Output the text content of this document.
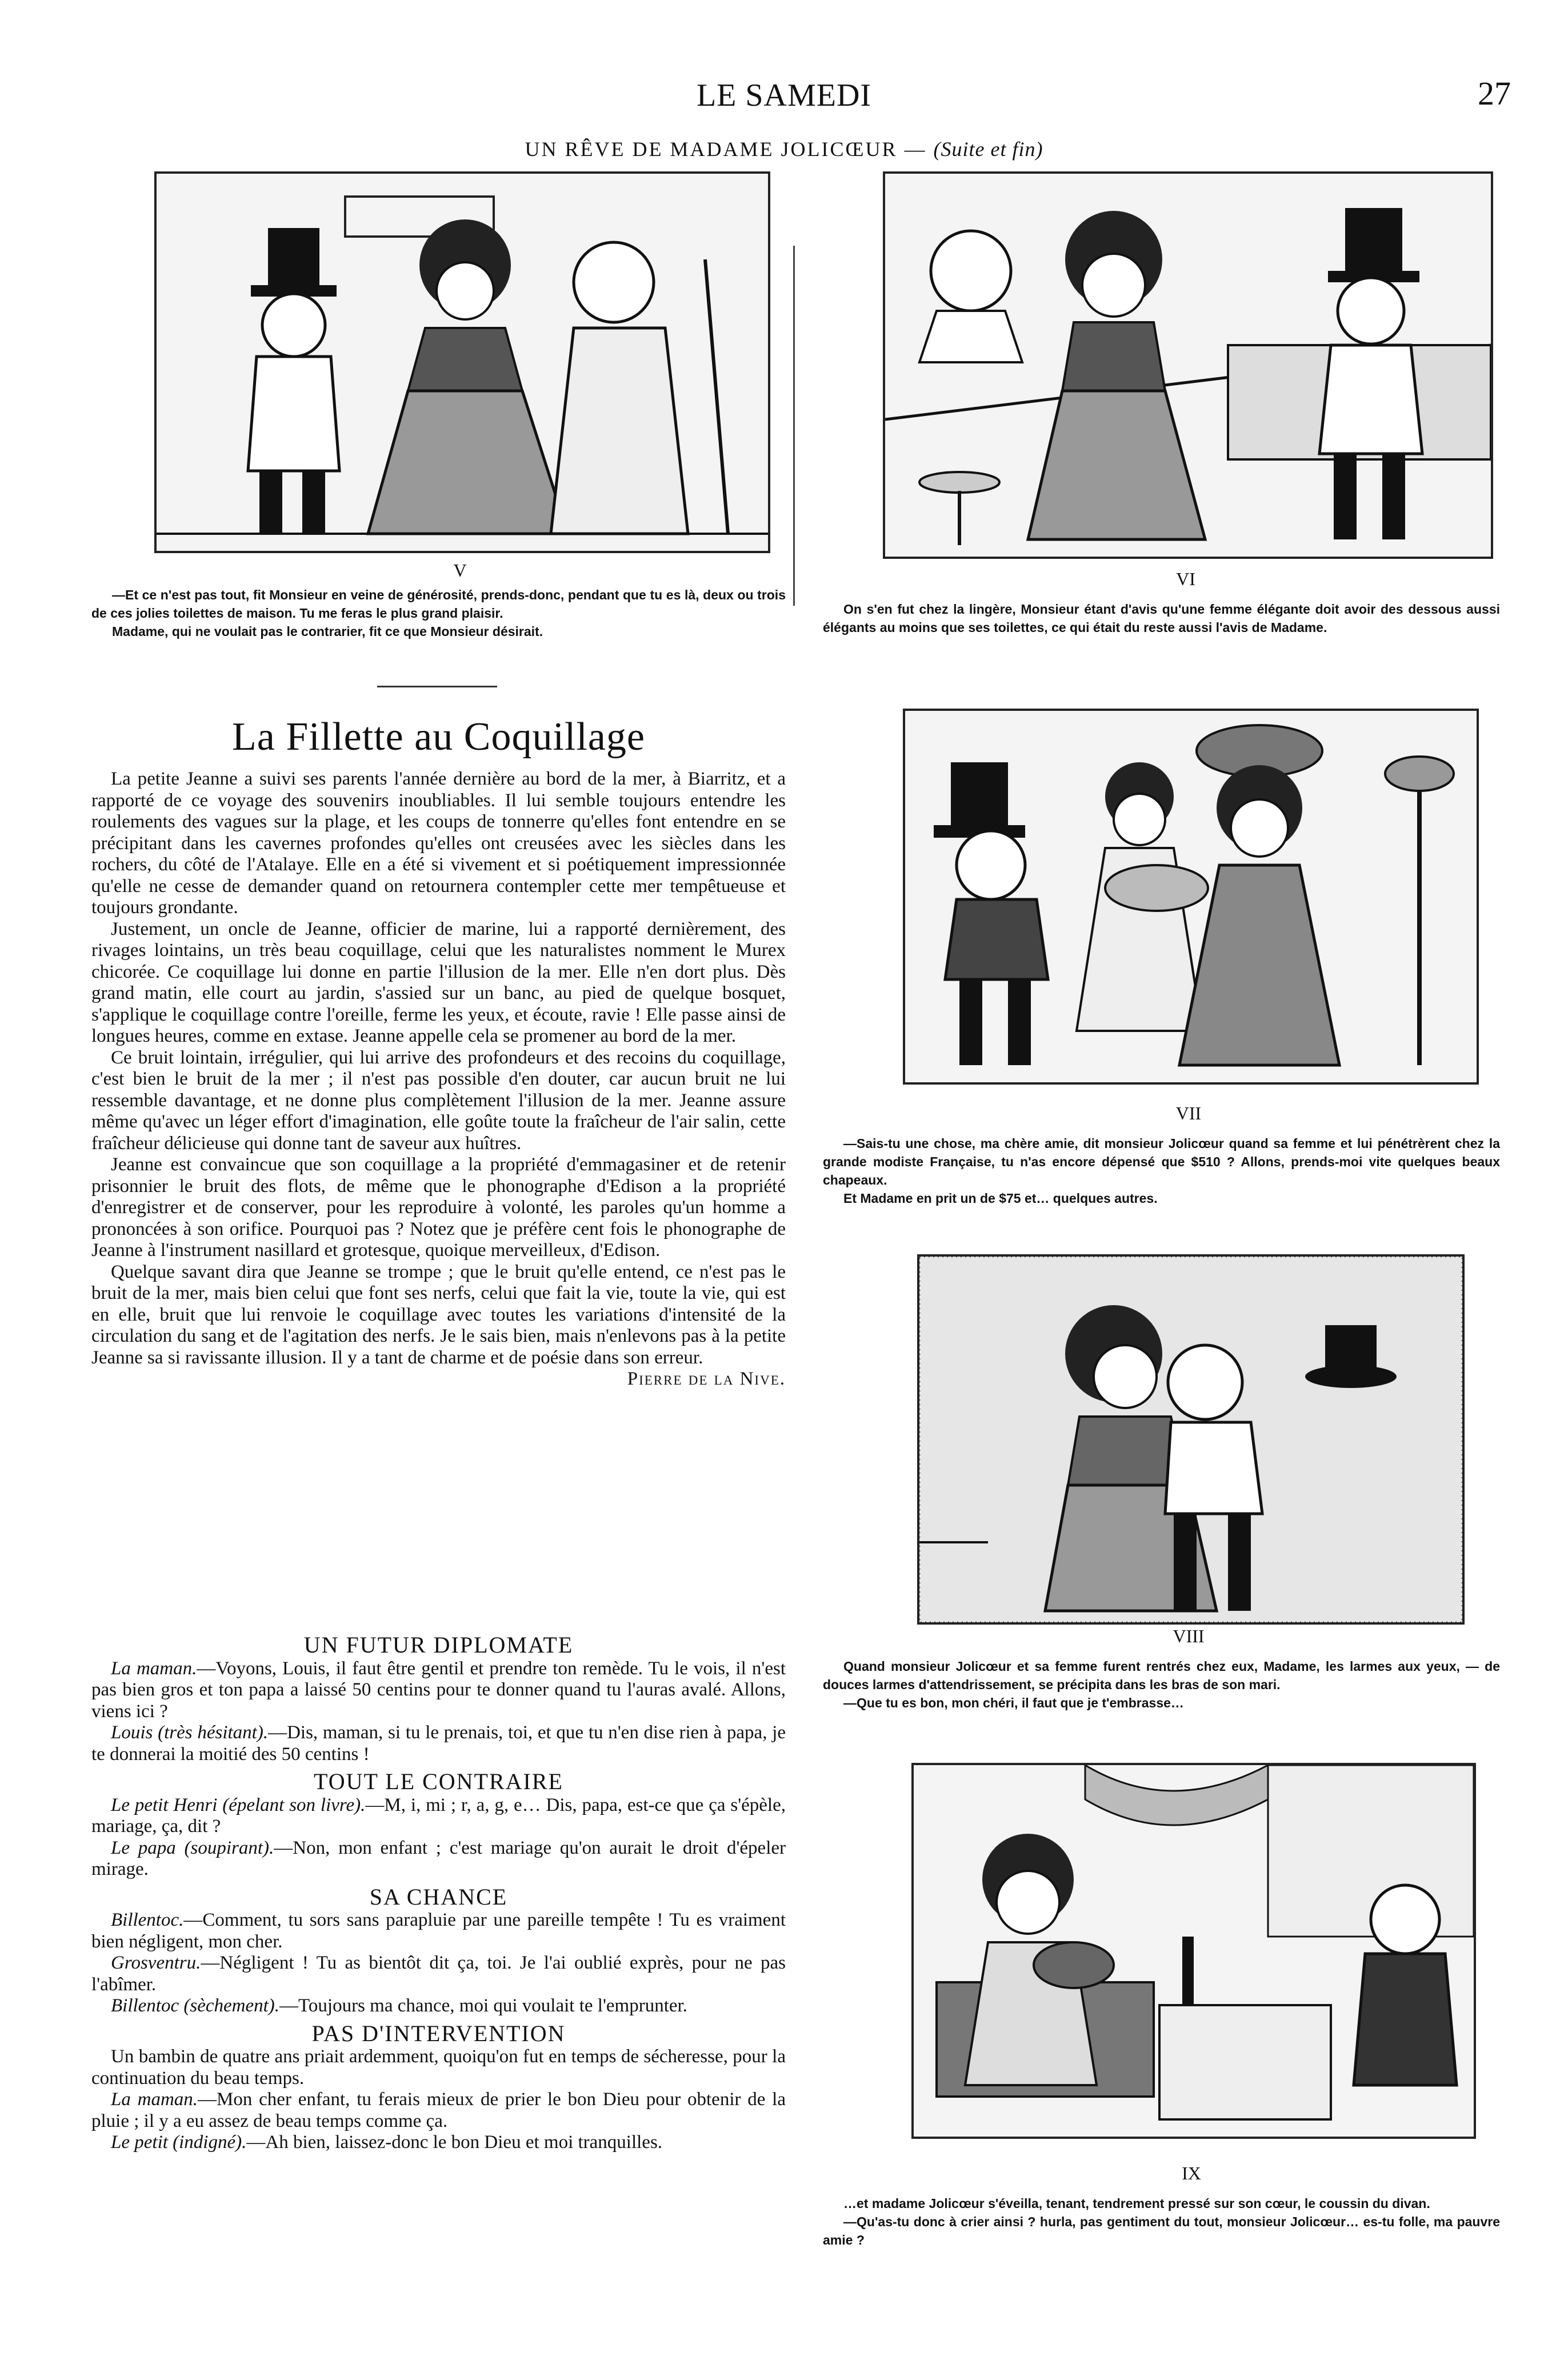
LE SAMEDI	27
UN RÊVE DE MADAME JOLICŒUR — (Suite et fin)
V

—Et ce n'est pas tout, fit Monsieur en veine de générosité, prends-donc, pendant que tu es là, deux ou trois de ces jolies toilettes de maison. Tu me feras le plus grand plaisir.

Madame, qui ne voulait pas le contrarier, fit ce que Monsieur désirait.

VI

On s'en fut chez la lingère, Monsieur étant d'avis qu'une femme élégante doit avoir des dessous aussi élégants au moins que ses toilettes, ce qui était du reste aussi l'avis de Madame.

La Fillette au Coquillage

La petite Jeanne a suivi ses parents l'année dernière au bord de la mer, à Biarritz, et a rapporté de ce voyage des souvenirs inoubliables. Il lui semble toujours entendre les roulements des vagues sur la plage, et les coups de tonnerre qu'elles font entendre en se précipitant dans les cavernes profondes qu'elles ont creusées avec les siècles dans les rochers, du côté de l'Atalaye. Elle en a été si vivement et si poétiquement impressionnée qu'elle ne cesse de demander quand on retournera contempler cette mer tempêtueuse et toujours grondante.

Justement, un oncle de Jeanne, officier de marine, lui a rapporté dernièrement, des rivages lointains, un très beau coquillage, celui que les naturalistes nomment le Murex chicorée. Ce coquillage lui donne en partie l'illusion de la mer. Elle n'en dort plus. Dès grand matin, elle court au jardin, s'assied sur un banc, au pied de quelque bosquet, s'applique le coquillage contre l'oreille, ferme les yeux, et écoute, ravie ! Elle passe ainsi de longues heures, comme en extase. Jeanne appelle cela se promener au bord de la mer.

Ce bruit lointain, irrégulier, qui lui arrive des profondeurs et des recoins du coquillage, c'est bien le bruit de la mer ; il n'est pas possible d'en douter, car aucun bruit ne lui ressemble davantage, et ne donne plus complètement l'illusion de la mer. Jeanne assure même qu'avec un léger effort d'imagination, elle goûte toute la fraîcheur de l'air salin, cette fraîcheur délicieuse qui donne tant de saveur aux huîtres.

Jeanne est convaincue que son coquillage a la propriété d'emmagasiner et de retenir prisonnier le bruit des flots, de même que le phonographe d'Edison a la propriété d'enregistrer et de conserver, pour les reproduire à volonté, les paroles qu'un homme a prononcées à son orifice. Pourquoi pas ? Notez que je préfère cent fois le phonographe de Jeanne à l'instrument nasillard et grotesque, quoique merveilleux, d'Edison.

Quelque savant dira que Jeanne se trompe ; que le bruit qu'elle entend, ce n'est pas le bruit de la mer, mais bien celui que font ses nerfs, celui que fait la vie, toute la vie, qui est en elle, bruit que lui renvoie le coquillage avec toutes les variations d'intensité de la circulation du sang et de l'agitation des nerfs. Je le sais bien, mais n'enlevons pas à la petite Jeanne sa si ravissante illusion. Il y a tant de charme et de poésie dans son erreur.

Pierre de la Nive.
UN FUTUR DIPLOMATE

La maman.—Voyons, Louis, il faut être gentil et prendre ton remède. Tu le vois, il n'est pas bien gros et ton papa a laissé 50 centins pour te donner quand tu l'auras avalé. Allons, viens ici ?

Louis (très hésitant).—Dis, maman, si tu le prenais, toi, et que tu n'en dise rien à papa, je te donnerai la moitié des 50 centins !

TOUT LE CONTRAIRE

Le petit Henri (épelant son livre).—M, i, mi ; r, a, g, e… Dis, papa, est-ce que ça s'épèle, mariage, ça, dit ?

Le papa (soupirant).—Non, mon enfant ; c'est mariage qu'on aurait le droit d'épeler mirage.

SA CHANCE

Billentoc.—Comment, tu sors sans parapluie par une pareille tempête ! Tu es vraiment bien négligent, mon cher.

Grosventru.—Négligent ! Tu as bientôt dit ça, toi. Je l'ai oublié exprès, pour ne pas l'abîmer.

Billentoc (sèchement).—Toujours ma chance, moi qui voulait te l'emprunter.

PAS D'INTERVENTION

Un bambin de quatre ans priait ardemment, quoiqu'on fut en temps de sécheresse, pour la continuation du beau temps.

La maman.—Mon cher enfant, tu ferais mieux de prier le bon Dieu pour obtenir de la pluie ; il y a eu assez de beau temps comme ça.

Le petit (indigné).—Ah bien, laissez-donc le bon Dieu et moi tranquilles.

VII

—Sais-tu une chose, ma chère amie, dit monsieur Jolicœur quand sa femme et lui pénétrèrent chez la grande modiste Française, tu n'as encore dépensé que $510 ? Allons, prends-moi vite quelques beaux chapeaux.

Et Madame en prit un de $75 et… quelques autres.

VIII

Quand monsieur Jolicœur et sa femme furent rentrés chez eux, Madame, les larmes aux yeux, — de douces larmes d'attendrissement, se précipita dans les bras de son mari.

—Que tu es bon, mon chéri, il faut que je t'embrasse…

IX

…et madame Jolicœur s'éveilla, tenant, tendrement pressé sur son cœur, le coussin du divan.

—Qu'as-tu donc à crier ainsi ? hurla, pas gentiment du tout, monsieur Jolicœur… es-tu folle, ma pauvre amie ?
